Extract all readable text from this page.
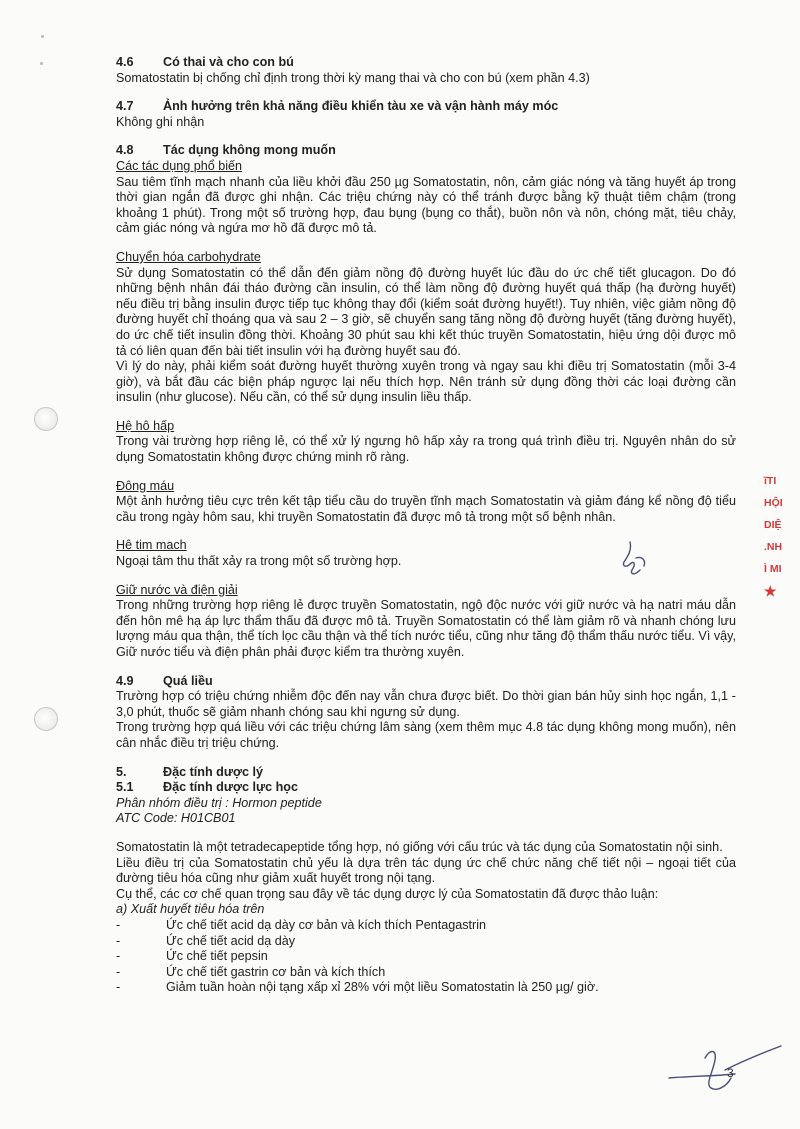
4.6	Có thai và cho con bú

Somatostatin bị chống chỉ định trong thời kỳ mang thai và cho con bú (xem phần 4.3)

4.7	Ảnh hưởng trên khả năng điều khiển tàu xe và vận hành máy móc

Không ghi nhận

4.8	Tác dụng không mong muốn

Các tác dụng phổ biến

Sau tiêm tĩnh mạch nhanh của liều khởi đầu 250 µg Somatostatin, nôn, cảm giác nóng và tăng huyết áp trong thời gian ngắn đã được ghi nhận. Các triệu chứng này có thể tránh được bằng kỹ thuật tiêm chậm (trong khoảng 1 phút). Trong một số trường hợp, đau bụng (bụng co thắt), buồn nôn và nôn, chóng mặt, tiêu chảy, cảm giác nóng và ngứa mơ hồ đã được mô tả.

Chuyển hóa carbohydrate

Sử dụng Somatostatin có thể dẫn đến giảm nồng độ đường huyết lúc đầu do ức chế tiết glucagon. Do đó những bệnh nhân đái tháo đường cần insulin, có thể làm nồng độ đường huyết quá thấp (hạ đường huyết) nếu điều trị bằng insulin được tiếp tục không thay đổi (kiểm soát đường huyết!). Tuy nhiên, việc giảm nồng độ đường huyết chỉ thoáng qua và sau 2 – 3 giờ, sẽ chuyển sang tăng nồng độ đường huyết (tăng đường huyết), do ức chế tiết insulin đồng thời. Khoảng 30 phút sau khi kết thúc truyền Somatostatin, hiệu ứng dội được mô tả có liên quan đến bài tiết insulin với hạ đường huyết sau đó.

Vì lý do này, phải kiểm soát đường huyết thường xuyên trong và ngay sau khi điều trị Somatostatin (mỗi 3-4 giờ), và bắt đầu các biện pháp ngược lại nếu thích hợp. Nên tránh sử dụng đồng thời các loại đường cần insulin (như glucose). Nếu cần, có thể sử dụng insulin liều thấp.

Hệ hô hấp

Trong vài trường hợp riêng lẻ, có thể xử lý ngưng hô hấp xảy ra trong quá trình điều trị. Nguyên nhân do sử dụng Somatostatin không được chứng minh rõ ràng.

Đông máu

Một ảnh hưởng tiêu cực trên kết tập tiểu cầu do truyền tĩnh mạch Somatostatin và giảm đáng kể nồng độ tiểu cầu trong ngày hôm sau, khi truyền Somatostatin đã được mô tả trong một số bệnh nhân.

Hệ tim mạch

Ngoại tâm thu thất xảy ra trong một số trường hợp.

Giữ nước và điện giải

Trong những trường hợp riêng lẻ được truyền Somatostatin, ngộ độc nước với giữ nước và hạ natri máu dẫn đến hôn mê hạ áp lực thẩm thấu đã được mô tả. Truyền Somatostatin có thể làm giảm rõ và nhanh chóng lưu lượng máu qua thận, thể tích lọc cầu thận và thể tích nước tiểu, cũng như tăng độ thẩm thấu nước tiểu. Vì vậy, Giữ nước tiểu và điện phân phải được kiểm tra thường xuyên.

4.9	Quá liều

Trường hợp có triệu chứng nhiễm độc đến nay vẫn chưa được biết. Do thời gian bán hủy sinh học ngắn, 1,1 - 3,0 phút, thuốc sẽ giảm nhanh chóng sau khi ngưng sử dụng.

Trong trường hợp quá liều với các triệu chứng lâm sàng (xem thêm mục 4.8 tác dụng không mong muốn), nên cân nhắc điều trị triệu chứng.

5.	Đặc tính dược lý
5.1	Đặc tính dược lực học

Phân nhóm điều trị : Hormon peptide

ATC Code: H01CB01

Somatostatin là một tetradecapeptide tổng hợp, nó giống với cấu trúc và tác dụng của Somatostatin nội sinh.

Liều điều trị của Somatostatin chủ yếu là dựa trên tác dụng ức chế chức năng chế tiết nội – ngoại tiết của đường tiêu hóa cũng như giảm xuất huyết trong nội tạng.

Cụ thể, các cơ chế quan trọng sau đây về tác dụng dược lý của Somatostatin đã được thảo luận:

a) Xuất huyết tiêu hóa trên

-	Ức chế tiết acid dạ dày cơ bản và kích thích Pentagastrin
-	Ức chế tiết acid dạ dày
-	Ức chế tiết pepsin
-	Ức chế tiết gastrin cơ bản và kích thích
-	Giảm tuần hoàn nội tạng xấp xỉ 28% với một liều Somatostatin là 250 µg/ giờ.
ĩTI
HỘI
DIỆ
.NH
Ì MI
★
3
